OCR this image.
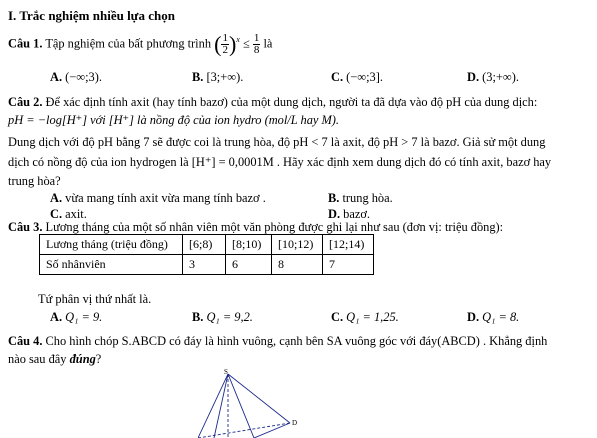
I. Trắc nghiệm nhiều lựa chọn
Câu 1. Tập nghiệm của bất phương trình ( $\frac{1}{2} )^x \le \frac{1}{8}$ là
A. (−∞;3).	B. [3;+∞).	C. (−∞;3].	D. (3;+∞).
Câu 2. Để xác định tính axit (hay tính bazơ) của một dung dịch, người ta đã dựa vào độ pH của dung dịch:
pH = −log[H⁺] với [H⁺] là nồng độ của ion hydro (mol/L hay M).
Dung dịch với độ pH bằng 7 sẽ được coi là trung hòa, độ pH < 7 là axit, độ pH > 7 là bazơ. Giả sử một dung
dịch có nồng độ của ion hydrogen là [H⁺] = 0,0001M . Hãy xác định xem dung dịch đó có tính axit, bazơ hay
trung hòa?
A. vừa mang tính axit vừa mang tính bazơ .	B. trung hòa.
C. axit.	D. bazơ.
Câu 3. Lương tháng của một số nhân viên một văn phòng được ghi lại như sau (đơn vị: triệu đồng):
Lương tháng (triệu đồng)	[6;8)	[8;10)	[10;12)	[12;14)
Số nhânviên	3	6	8	7
Tứ phân vị thứ nhất là.
A. Q₁ = 9.	B. Q₁ = 9,2.	C. Q₁ = 1,25.	D. Q₁ = 8.
Câu 4. Cho hình chóp S.ABCD có đáy là hình vuông, cạnh bên SA vuông góc với đáy(ABCD) . Khẳng định
nào sau đây đúng?
S
D
